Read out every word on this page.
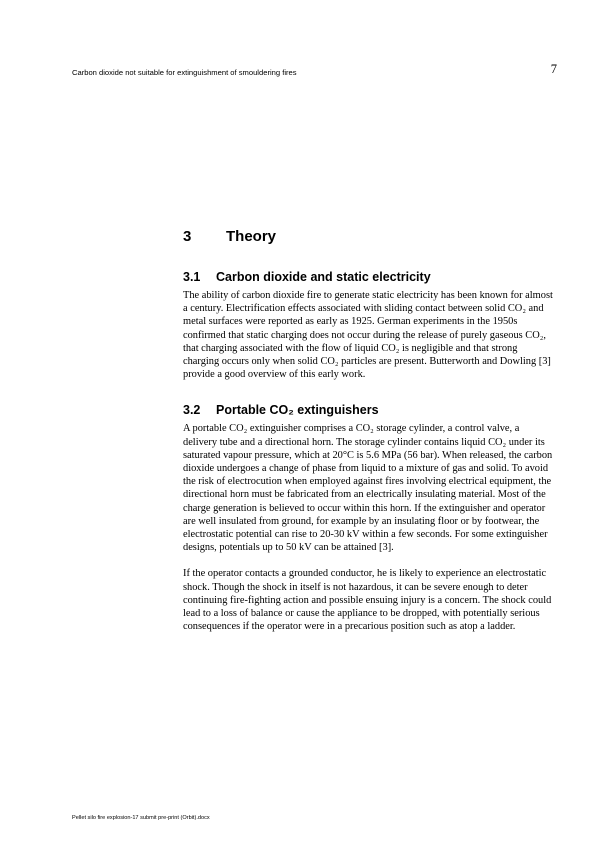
Carbon dioxide not suitable for extinguishment of smouldering fires	7
3 Theory
3.1 Carbon dioxide and static electricity

The ability of carbon dioxide fire to generate static electricity has been known for almost a century. Electrification effects associated with sliding contact between solid CO₂ and metal surfaces were reported as early as 1925. German experiments in the 1950s confirmed that static charging does not occur during the release of purely gaseous CO₂, that charging associated with the flow of liquid CO₂ is negligible and that strong charging occurs only when solid CO₂ particles are present. Butterworth and Dowling [3] provide a good overview of this early work.

3.2 Portable CO₂ extinguishers

A portable CO₂ extinguisher comprises a CO₂ storage cylinder, a control valve, a delivery tube and a directional horn. The storage cylinder contains liquid CO₂ under its saturated vapour pressure, which at 20°C is 5.6 MPa (56 bar). When released, the carbon dioxide undergoes a change of phase from liquid to a mixture of gas and solid. To avoid the risk of electrocution when employed against fires involving electrical equipment, the directional horn must be fabricated from an electrically insulating material. Most of the charge generation is believed to occur within this horn. If the extinguisher and operator are well insulated from ground, for example by an insulating floor or by footwear, the electrostatic potential can rise to 20-30 kV within a few seconds. For some extinguisher designs, potentials up to 50 kV can be attained [3].

If the operator contacts a grounded conductor, he is likely to experience an electrostatic shock. Though the shock in itself is not hazardous, it can be severe enough to deter continuing fire-fighting action and possible ensuing injury is a concern. The shock could lead to a loss of balance or cause the appliance to be dropped, with potentially serious consequences if the operator were in a precarious position such as atop a ladder.

Pellet silo fire explosion-17 submit pre-print (Orbit).docx
